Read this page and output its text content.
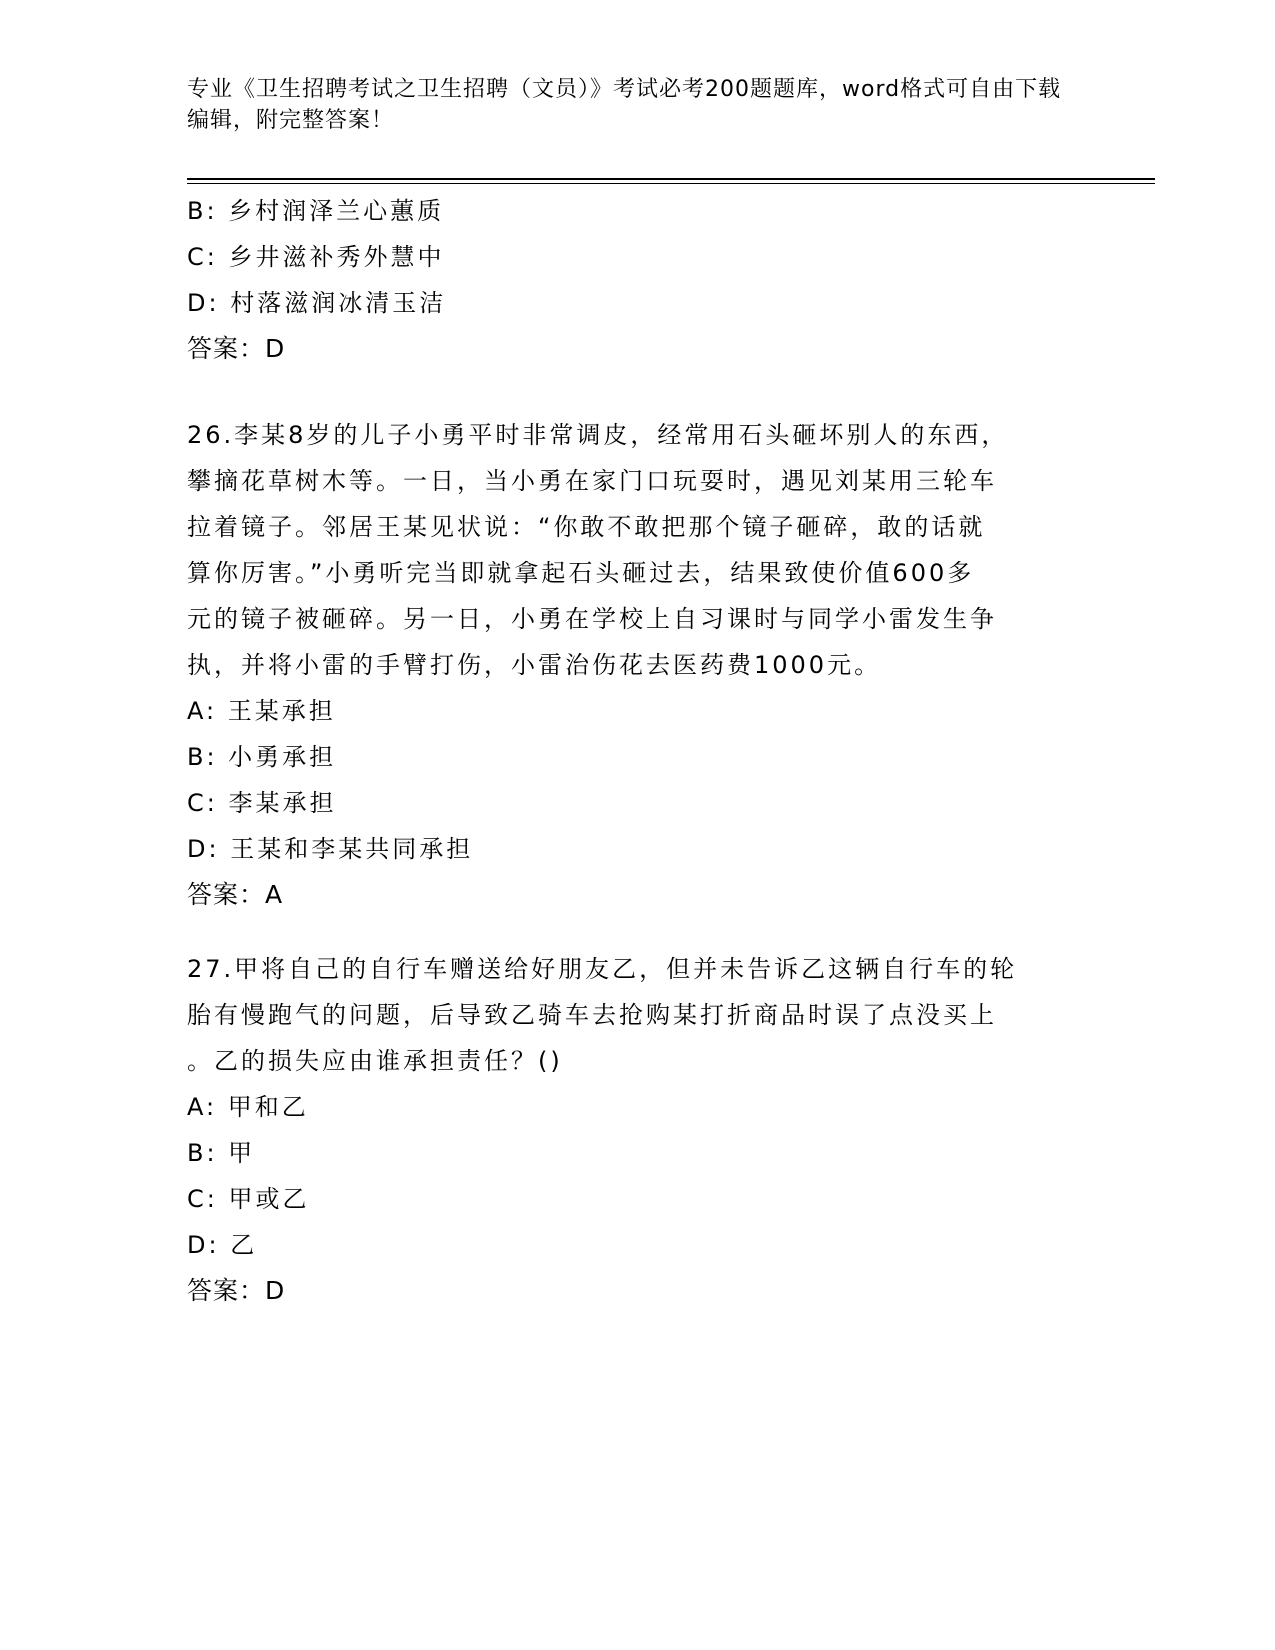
专业《卫生招聘考试之卫生招聘（文员）》考试必考200题题库，word格式可自由下载编辑，附完整答案！
B: 乡村润泽兰心蕙质
C: 乡井滋补秀外慧中
D: 村落滋润冰清玉洁
答案：D
26.李某8岁的儿子小勇平时非常调皮，经常用石头砸坏别人的东西，
攀摘花草树木等。一日，当小勇在家门口玩耍时，遇见刘某用三轮车
拉着镜子。邻居王某见状说：“你敢不敢把那个镜子砸碎，敢的话就
算你厉害。”小勇听完当即就拿起石头砸过去，结果致使价值600多
元的镜子被砸碎。另一日，小勇在学校上自习课时与同学小雷发生争
执，并将小雷的手臂打伤，小雷治伤花去医药费1000元。
A: 王某承担
B: 小勇承担
C: 李某承担
D: 王某和李某共同承担
答案：A
27.甲将自己的自行车赠送给好朋友乙，但并未告诉乙这辆自行车的轮
胎有慢跑气的问题，后导致乙骑车去抢购某打折商品时误了点没买上
。乙的损失应由谁承担责任？()
A: 甲和乙
B: 甲
C: 甲或乙
D: 乙
答案：D
